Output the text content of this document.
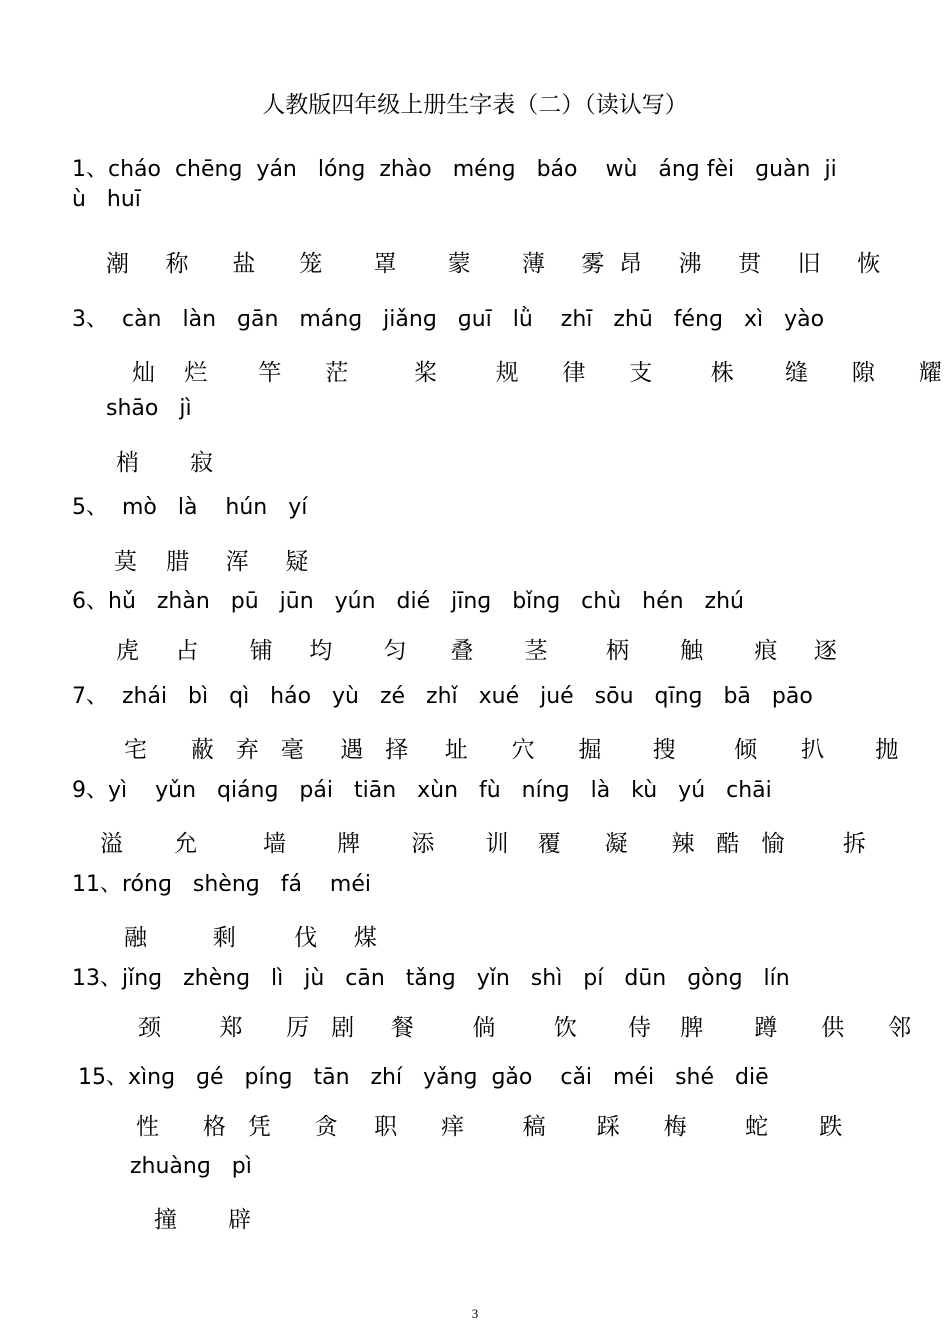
人教版四年级上册生字表（二）（读认写）
1、cháo  chēnɡ  yán   lónɡ  zhào   ménɡ   báo    wù   ánɡ fèi   ɡuàn  ji
ù   huī
潮     称      盐      笼       罩       蒙       薄     雾  昂     沸     贯     旧     恢
3、  càn   làn   ɡān   mánɡ   jiǎnɡ   ɡuī   lǜ    zhī   zhū   fénɡ   xì   yào
灿    烂       竿      茫         桨        规      律      支        株       缝      隙      耀
shāo   jì
梢       寂
5、  mò   là    hún   yí
莫    腊     浑     疑
6、hǔ   zhàn   pū   jūn   yún   dié   jīnɡ   bǐnɡ   chù   hén   zhú
虎     占       铺     均       匀      叠       茎        柄       触       痕     逐
7、  zhái   bì   qì   háo   yù   zé   zhǐ   xué   jué   sōu   qīnɡ   bā   pāo
宅      蔽   弃   毫     遇   择     址      穴      掘       搜        倾      扒       抛
9、yì    yǔn   qiánɡ   pái   tiān   xùn   fù   nínɡ   là   kù   yú   chāi
溢       允         墙       牌       添       训    覆      凝      辣   酷   愉        拆
11、rónɡ   shènɡ   fá    méi
融         剩        伐     煤
13、jǐnɡ   zhènɡ   lì   jù   cān   tǎnɡ   yǐn   shì   pí   dūn   ɡònɡ   lín
颈        郑      厉   剧     餐        倘        饮       侍    脾       蹲      供      邻
15、xìnɡ   ɡé   pínɡ   tān   zhí   yǎnɡ  ɡǎo    cǎi   méi   shé   diē
性      格   凭      贪     职      痒        稿       踩      梅        蛇       跌
zhuànɡ   pì
撞       辟
3
